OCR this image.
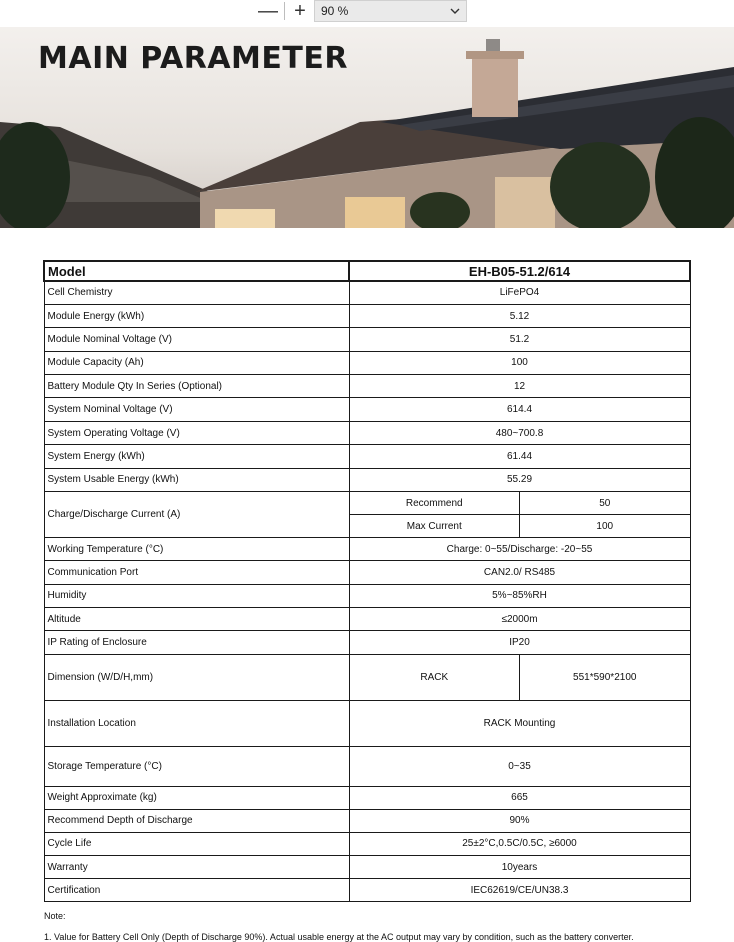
— +	90 %
MAIN PARAMETER
Model	EH-B05-51.2/614	
Cell Chemistry	LiFePO4	
Module Energy (kWh)	5.12	
Module Nominal Voltage (V)	51.2	
Module Capacity (Ah)	100	
Battery Module Qty In Series (Optional)	12	
System Nominal Voltage (V)	614.4	
System Operating Voltage (V)	480~700.8	
System Energy (kWh)	61.44	
System Usable Energy (kWh)	55.29	
Charge/Discharge Current (A)	Recommend	50
	Max Current	100
Working Temperature (°C)	Charge: 0~55/Discharge: -20~55	
Communication Port	CAN2.0/ RS485	
Humidity	5%~85%RH	
Altitude	≤2000m	
IP Rating of Enclosure	IP20	
Dimension (W/D/H,mm)	RACK	551*590*2100
Installation Location	RACK Mounting	
Storage Temperature (°C)	0~35	
Weight Approximate (kg)	665	
Recommend Depth of Discharge	90%	
Cycle Life	25±2°C,0.5C/0.5C, ≥6000	
Warranty	10years	
Certification	IEC62619/CE/UN38.3	
Note:
1. Value for Battery Cell Only (Depth of Discharge 90%). Actual usable energy at the AC output may vary by condition, such as the battery converter.
